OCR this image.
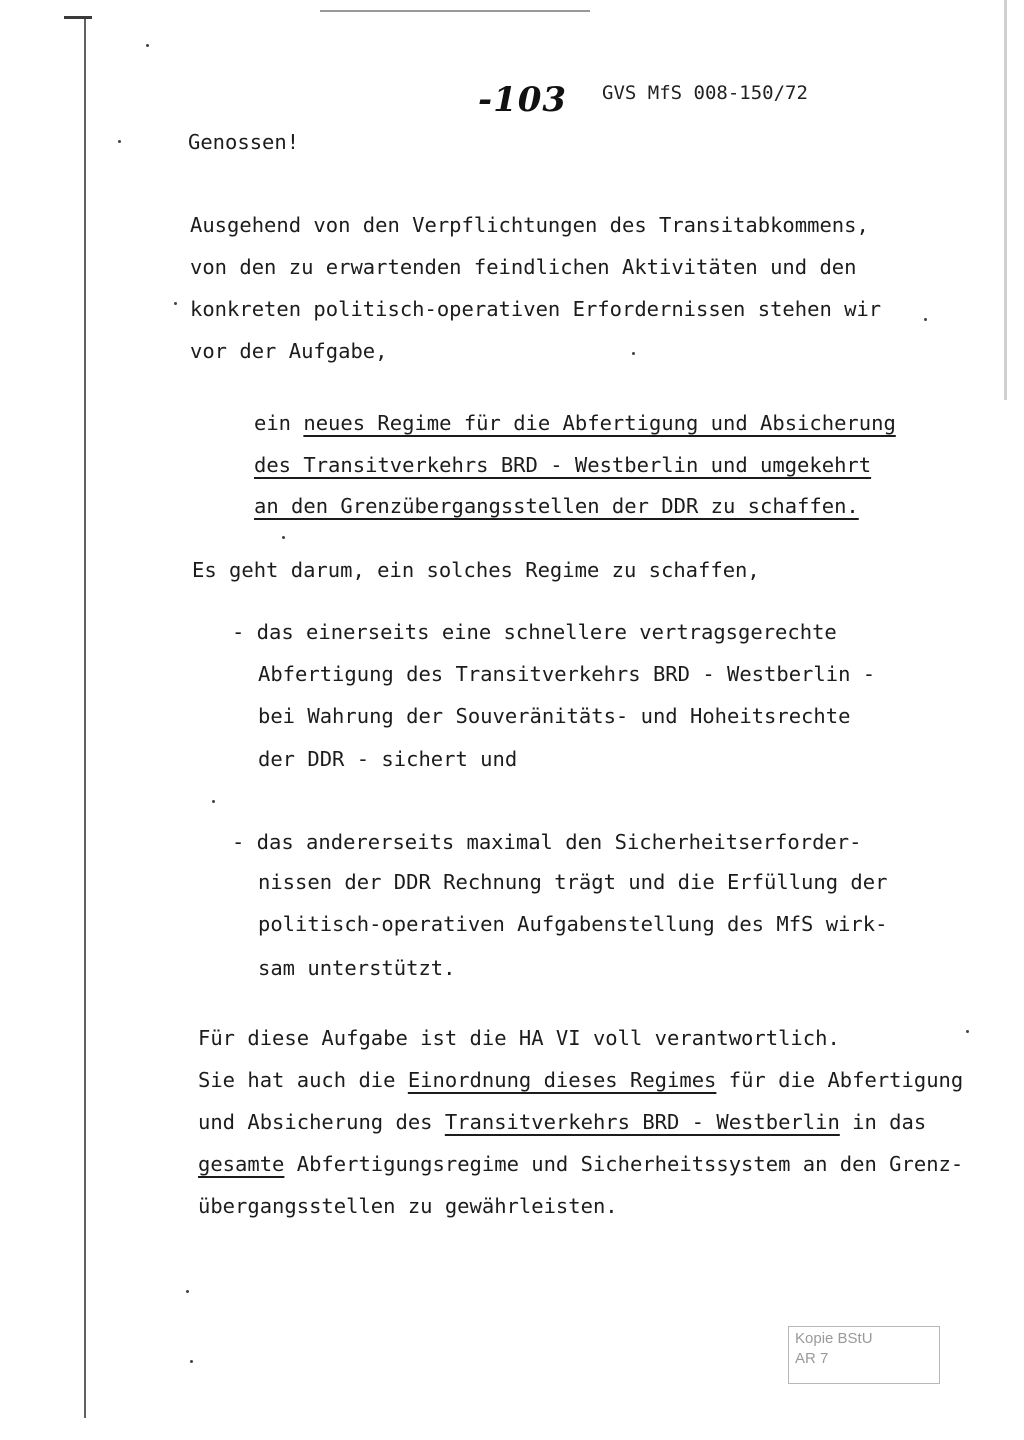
-103 GVS MfS 008-150/72
Genossen!
Ausgehend von den Verpflichtungen des Transitabkommens,
von den zu erwartenden feindlichen Aktivitäten und den
konkreten politisch-operativen Erfordernissen stehen wir
vor der Aufgabe,
ein neues Regime für die Abfertigung und Absicherung
des Transitverkehrs BRD - Westberlin und umgekehrt
an den Grenzübergangsstellen der DDR zu schaffen.
Es geht darum, ein solches Regime zu schaffen,
- das einerseits eine schnellere vertragsgerechte
Abfertigung des Transitverkehrs BRD - Westberlin -
bei Wahrung der Souveränitäts- und Hoheitsrechte
der DDR - sichert und
- das andererseits maximal den Sicherheitserforder-
nissen der DDR Rechnung trägt und die Erfüllung der
politisch-operativen Aufgabenstellung des MfS wirk-
sam unterstützt.
Für diese Aufgabe ist die HA VI voll verantwortlich.
Sie hat auch die Einordnung dieses Regimes für die Abfertigung
und Absicherung des Transitverkehrs BRD - Westberlin in das
gesamte Abfertigungsregime und Sicherheitssystem an den Grenz-
übergangsstellen zu gewährleisten.
Kopie BStU
AR 7
